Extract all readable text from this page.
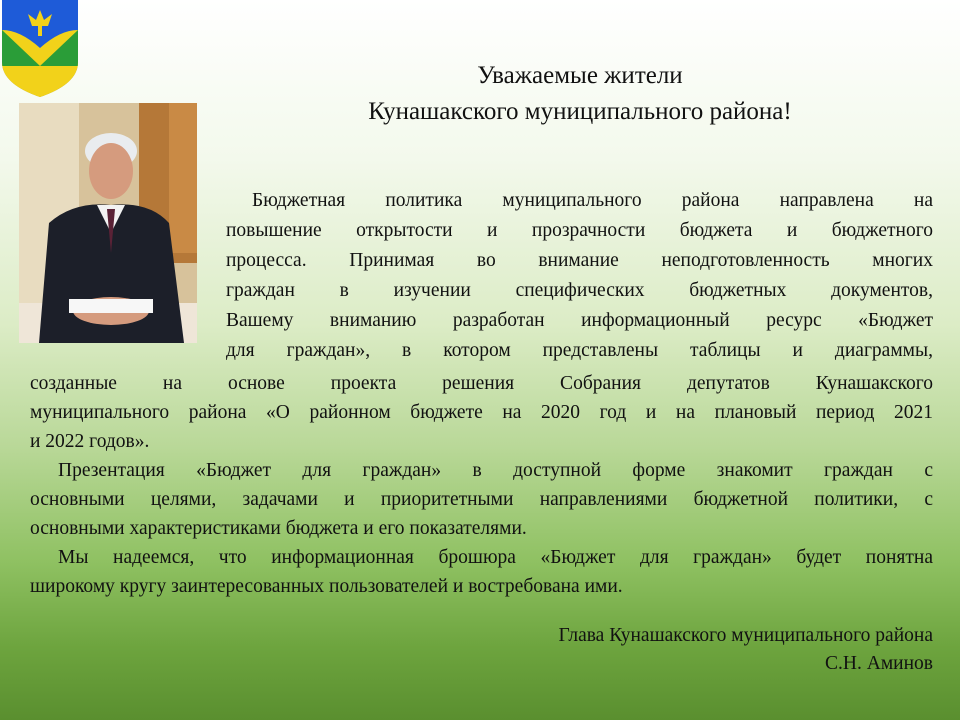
Уважаемые жители
Кунашакского муниципального района!
Бюджетная политика муниципального района направлена на
повышение открытости и прозрачности бюджета и бюджетного
процесса. Принимая во внимание неподготовленность многих
граждан в изучении специфических бюджетных документов,
Вашему вниманию разработан информационный ресурс «Бюджет
для граждан», в котором представлены таблицы и диаграммы,
созданные на основе проекта решения Собрания депутатов Кунашакского
муниципального района «О районном бюджете на 2020 год и на плановый период 2021
и 2022 годов».
Презентация «Бюджет для граждан» в доступной форме знакомит граждан с
основными целями, задачами и приоритетными направлениями бюджетной политики, с
основными характеристиками бюджета и его показателями.
Мы надеемся, что информационная брошюра «Бюджет для граждан» будет понятна
широкому кругу заинтересованных пользователей и востребована ими.
Глава Кунашакского муниципального района
С.Н. Аминов
